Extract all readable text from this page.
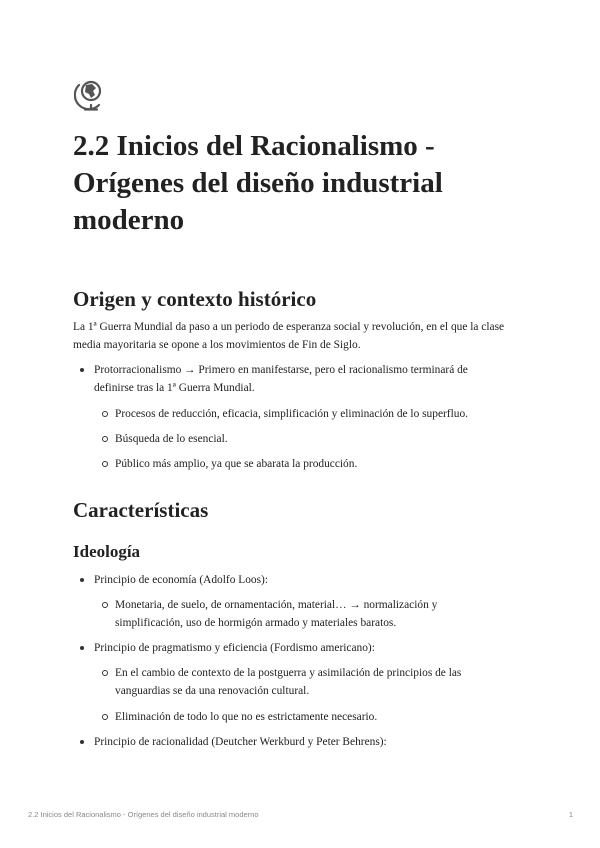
2.2 Inicios del Racionalismo - Orígenes del diseño industrial moderno
Origen y contexto histórico

La 1ª Guerra Mundial da paso a un periodo de esperanza social y revolución, en el que la clase media mayoritaria se opone a los movimientos de Fin de Siglo.

Protorracionalismo → Primero en manifestarse, pero el racionalismo terminará de definirse tras la 1ª Guerra Mundial.
Procesos de reducción, eficacia, simplificación y eliminación de lo superfluo.
Búsqueda de lo esencial.
Público más amplio, ya que se abarata la producción.
Características
Ideología
Principio de economía (Adolfo Loos):
Monetaria, de suelo, de ornamentación, material… → normalización y simplificación, uso de hormigón armado y materiales baratos.
Principio de pragmatismo y eficiencia (Fordismo americano):
En el cambio de contexto de la postguerra y asimilación de principios de las vanguardias se da una renovación cultural.
Eliminación de todo lo que no es estrictamente necesario.
Principio de racionalidad (Deutcher Werkburd y Peter Behrens):
2.2 Inicios del Racionalismo - Orígenes del diseño industrial moderno	1
